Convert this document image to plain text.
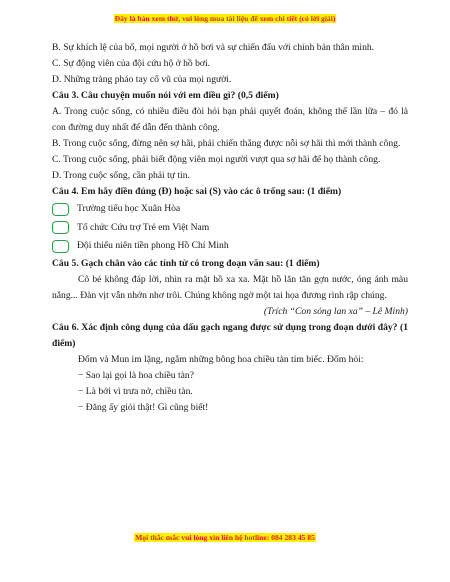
Đây là bản xem thử, vui lòng mua tài liệu để xem chi tiết (có lời giải)

B. Sự khích lệ của bố, mọi người ở hồ bơi và sự chiến đấu với chính bản thân mình.

C. Sự động viên của đội cứu hộ ở hồ bơi.

D. Những tràng pháo tay cổ vũ của mọi người.

Câu 3. Câu chuyện muốn nói với em điều gì? (0,5 điểm)

A. Trong cuộc sống, có nhiều điều đòi hỏi bạn phải quyết đoán, không thể lần lữa – đó là con đường duy nhất để dẫn đến thành công.

B. Trong cuộc sống, đừng nên sợ hãi, phải chiến thắng được nỗi sợ hãi thì mới thành công.

C. Trong cuộc sống, phải biết động viên mọi người vượt qua sợ hãi để họ thành công.

D. Trong cuộc sống, cần phải tự tin.

Câu 4. Em hãy điền đúng (Đ) hoặc sai (S) vào các ô trống sau: (1 điểm)

Trường tiểu học Xuân Hòa
Tổ chức Cứu trợ Trẻ em Việt Nam
Đội thiếu niên tiền phong Hồ Chí Minh

Câu 5. Gạch chân vào các tính từ có trong đoạn văn sau: (1 điểm)

Cô bé không đáp lời, nhìn ra mặt hồ xa xa. Mặt hồ lăn tăn gợn nước, óng ánh màu nắng... Đàn vịt vẫn nhởn nhơ trôi. Chúng không ngờ một tai họa đương rình rập chúng.

(Trích “Con sóng lan xa” – Lê Minh)

Câu 6. Xác định công dụng của dấu gạch ngang được sử dụng trong đoạn dưới đây? (1 điểm)

Đốm và Mun im lặng, ngắm những bông hoa chiều tàn tím biếc. Đốm hỏi:

− Sao lại gọi là hoa chiều tàn?

− Là bởi vì trưa nở, chiều tàn.

− Đăng ấy giỏi thật! Gì cũng biết!

Mọi thắc mắc vui lòng xin liên hệ hotline: 084 283 45 85
